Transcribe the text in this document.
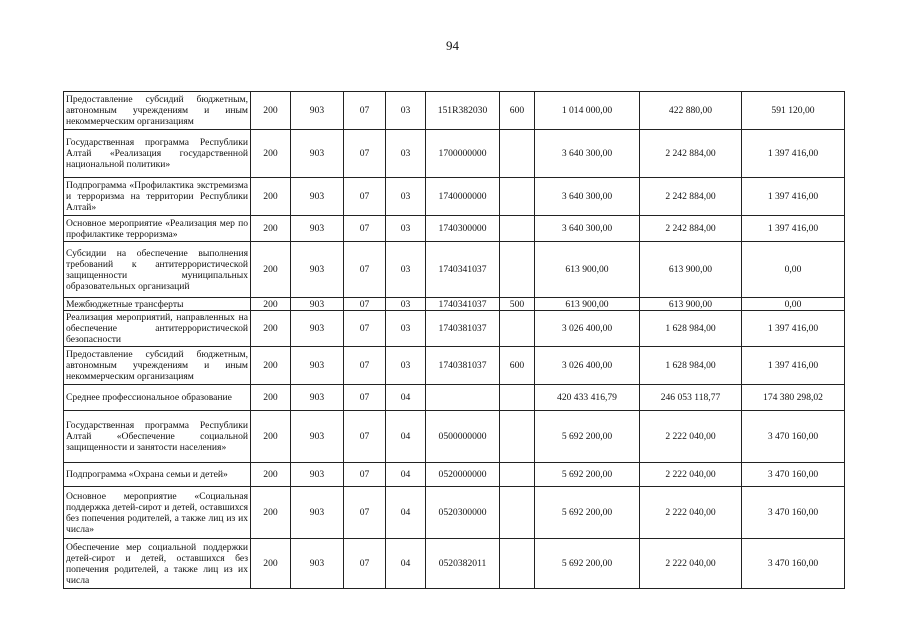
94
Предоставление субсидий бюджетным, автономным учреждениям и иным некоммерческим организациям	200	903	07	03	151R382030	600	1 014 000,00	422 880,00	591 120,00
Государственная программа Республики Алтай «Реализация государственной национальной политики»	200	903	07	03	1700000000		3 640 300,00	2 242 884,00	1 397 416,00
Подпрограмма «Профилактика экстремизма и терроризма на территории Республики Алтай»	200	903	07	03	1740000000		3 640 300,00	2 242 884,00	1 397 416,00
Основное мероприятие «Реализация мер по профилактике терроризма»	200	903	07	03	1740300000		3 640 300,00	2 242 884,00	1 397 416,00
Субсидии на обеспечение выполнения требований к антитеррористической защищенности муниципальных образовательных организаций	200	903	07	03	1740341037		613 900,00	613 900,00	0,00
Межбюджетные трансферты	200	903	07	03	1740341037	500	613 900,00	613 900,00	0,00
Реализация мероприятий, направленных на обеспечение антитеррористической безопасности	200	903	07	03	1740381037		3 026 400,00	1 628 984,00	1 397 416,00
Предоставление субсидий бюджетным, автономным учреждениям и иным некоммерческим организациям	200	903	07	03	1740381037	600	3 026 400,00	1 628 984,00	1 397 416,00
Среднее профессиональное образование	200	903	07	04			420 433 416,79	246 053 118,77	174 380 298,02
Государственная программа Республики Алтай «Обеспечение социальной защищенности и занятости населения»	200	903	07	04	0500000000		5 692 200,00	2 222 040,00	3 470 160,00
Подпрограмма «Охрана семьи и детей»	200	903	07	04	0520000000		5 692 200,00	2 222 040,00	3 470 160,00
Основное мероприятие «Социальная поддержка детей-сирот и детей, оставшихся без попечения родителей, а также лиц из их числа»	200	903	07	04	0520300000		5 692 200,00	2 222 040,00	3 470 160,00
Обеспечение мер социальной поддержки детей-сирот и детей, оставшихся без попечения родителей, а также лиц из их числа	200	903	07	04	0520382011		5 692 200,00	2 222 040,00	3 470 160,00
